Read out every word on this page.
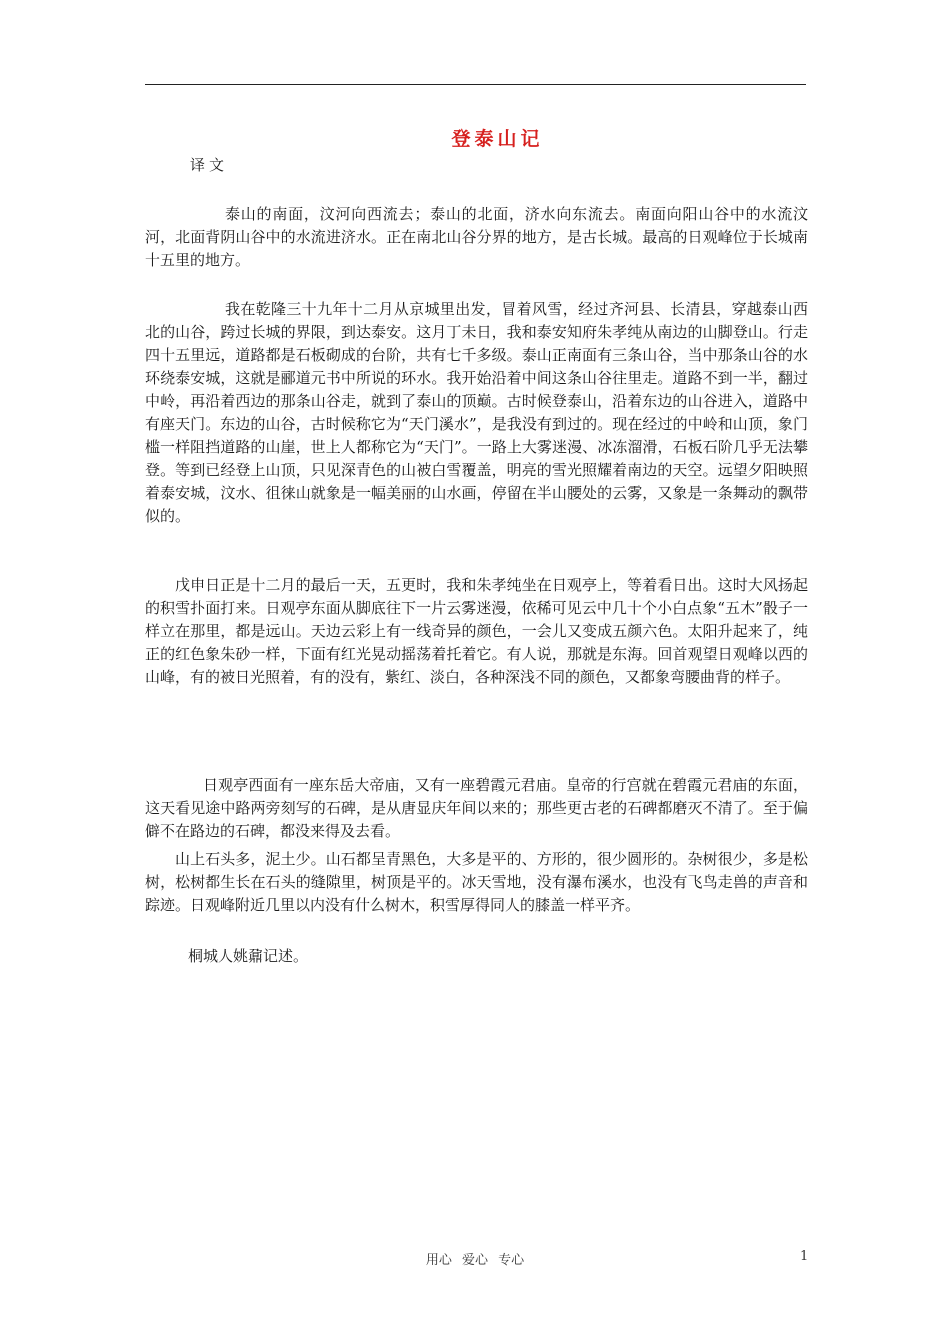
登泰山记
译文

泰山的南面，汶河向西流去；泰山的北面，济水向东流去。南面向阳山谷中的水流汶河，北面背阴山谷中的水流进济水。正在南北山谷分界的地方，是古长城。最高的日观峰位于长城南十五里的地方。

我在乾隆三十九年十二月从京城里出发，冒着风雪，经过齐河县、长清县，穿越泰山西北的山谷，跨过长城的界限，到达泰安。这月丁未日，我和泰安知府朱孝纯从南边的山脚登山。行走四十五里远，道路都是石板砌成的台阶，共有七千多级。泰山正南面有三条山谷，当中那条山谷的水环绕泰安城，这就是郦道元书中所说的环水。我开始沿着中间这条山谷往里走。道路不到一半，翻过中岭，再沿着西边的那条山谷走，就到了泰山的顶巅。古时候登泰山，沿着东边的山谷进入，道路中有座天门。东边的山谷，古时候称它为“天门溪水”，是我没有到过的。现在经过的中岭和山顶，象门槛一样阻挡道路的山崖，世上人都称它为“天门”。一路上大雾迷漫、冰冻溜滑，石板石阶几乎无法攀登。等到已经登上山顶，只见深青色的山被白雪覆盖，明亮的雪光照耀着南边的天空。远望夕阳映照着泰安城，汶水、徂徕山就象是一幅美丽的山水画，停留在半山腰处的云雾，又象是一条舞动的飘带似的。

戊申日正是十二月的最后一天，五更时，我和朱孝纯坐在日观亭上，等着看日出。这时大风扬起的积雪扑面打来。日观亭东面从脚底往下一片云雾迷漫，依稀可见云中几十个小白点象“五木”骰子一样立在那里，都是远山。天边云彩上有一线奇异的颜色，一会儿又变成五颜六色。太阳升起来了，纯正的红色象朱砂一样，下面有红光晃动摇荡着托着它。有人说，那就是东海。回首观望日观峰以西的山峰，有的被日光照着，有的没有，紫红、淡白，各种深浅不同的颜色，又都象弯腰曲背的样子。

日观亭西面有一座东岳大帝庙，又有一座碧霞元君庙。皇帝的行宫就在碧霞元君庙的东面，这天看见途中路两旁刻写的石碑，是从唐显庆年间以来的；那些更古老的石碑都磨灭不清了。至于偏僻不在路边的石碑，都没来得及去看。

山上石头多，泥土少。山石都呈青黑色，大多是平的、方形的，很少圆形的。杂树很少，多是松树，松树都生长在石头的缝隙里，树顶是平的。冰天雪地，没有瀑布溪水，也没有飞鸟走兽的声音和踪迹。日观峰附近几里以内没有什么树木，积雪厚得同人的膝盖一样平齐。

桐城人姚鼐记述。
用心 爱心 专心	1
